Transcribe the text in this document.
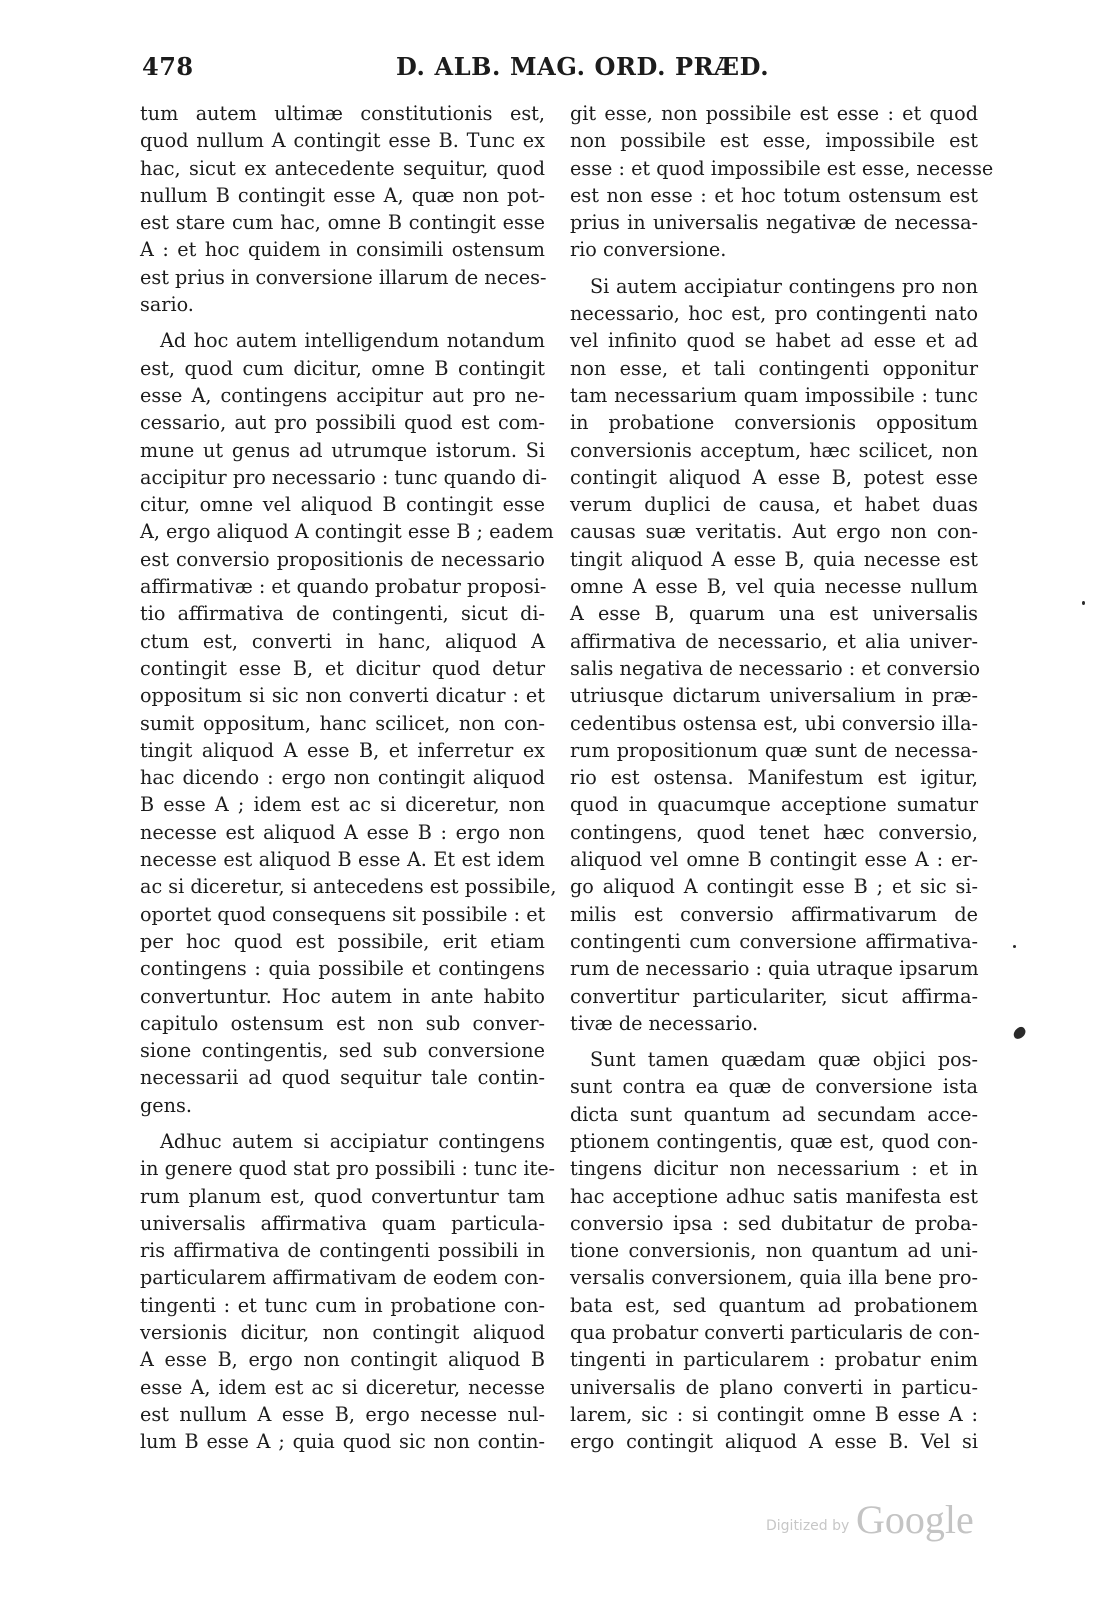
478	D. ALB. MAG. ORD. PRÆD.
tum autem ultimæ constitutionis est,
quod nullum A contingit esse B. Tunc ex
hac, sicut ex antecedente sequitur, quod
nullum B contingit esse A, quæ non pot-
est stare cum hac, omne B contingit esse
A : et hoc quidem in consimili ostensum
est prius in conversione illarum de neces-
sario.
Ad hoc autem intelligendum notandum
est, quod cum dicitur, omne B contingit
esse A, contingens accipitur aut pro ne-
cessario, aut pro possibili quod est com-
mune ut genus ad utrumque istorum. Si
accipitur pro necessario : tunc quando di-
citur, omne vel aliquod B contingit esse
A, ergo aliquod A contingit esse B ; eadem
est conversio propositionis de necessario
affirmativæ : et quando probatur proposi-
tio affirmativa de contingenti, sicut di-
ctum est, converti in hanc, aliquod A
contingit esse B, et dicitur quod detur
oppositum si sic non converti dicatur : et
sumit oppositum, hanc scilicet, non con-
tingit aliquod A esse B, et inferretur ex
hac dicendo : ergo non contingit aliquod
B esse A ; idem est ac si diceretur, non
necesse est aliquod A esse B : ergo non
necesse est aliquod B esse A. Et est idem
ac si diceretur, si antecedens est possibile,
oportet quod consequens sit possibile : et
per hoc quod est possibile, erit etiam
contingens : quia possibile et contingens
convertuntur. Hoc autem in ante habito
capitulo ostensum est non sub conver-
sione contingentis, sed sub conversione
necessarii ad quod sequitur tale contin-
gens.
Adhuc autem si accipiatur contingens
in genere quod stat pro possibili : tunc ite-
rum planum est, quod convertuntur tam
universalis affirmativa quam particula-
ris affirmativa de contingenti possibili in
particularem affirmativam de eodem con-
tingenti : et tunc cum in probatione con-
versionis dicitur, non contingit aliquod
A esse B, ergo non contingit aliquod B
esse A, idem est ac si diceretur, necesse
est nullum A esse B, ergo necesse nul-
lum B esse A ; quia quod sic non contin-
git esse, non possibile est esse : et quod
non possibile est esse, impossibile est
esse : et quod impossibile est esse, necesse
est non esse : et hoc totum ostensum est
prius in universalis negativæ de necessa-
rio conversione.
Si autem accipiatur contingens pro non
necessario, hoc est, pro contingenti nato
vel infinito quod se habet ad esse et ad
non esse, et tali contingenti opponitur
tam necessarium quam impossibile : tunc
in probatione conversionis oppositum
conversionis acceptum, hæc scilicet, non
contingit aliquod A esse B, potest esse
verum duplici de causa, et habet duas
causas suæ veritatis. Aut ergo non con-
tingit aliquod A esse B, quia necesse est
omne A esse B, vel quia necesse nullum
A esse B, quarum una est universalis
affirmativa de necessario, et alia univer-
salis negativa de necessario : et conversio
utriusque dictarum universalium in præ-
cedentibus ostensa est, ubi conversio illa-
rum propositionum quæ sunt de necessa-
rio est ostensa. Manifestum est igitur,
quod in quacumque acceptione sumatur
contingens, quod tenet hæc conversio,
aliquod vel omne B contingit esse A : er-
go aliquod A contingit esse B ; et sic si-
milis est conversio affirmativarum de
contingenti cum conversione affirmativa-
rum de necessario : quia utraque ipsarum
convertitur particulariter, sicut affirma-
tivæ de necessario.
Sunt tamen quædam quæ objici pos-
sunt contra ea quæ de conversione ista
dicta sunt quantum ad secundam acce-
ptionem contingentis, quæ est, quod con-
tingens dicitur non necessarium : et in
hac acceptione adhuc satis manifesta est
conversio ipsa : sed dubitatur de proba-
tione conversionis, non quantum ad uni-
versalis conversionem, quia illa bene pro-
bata est, sed quantum ad probationem
qua probatur converti particularis de con-
tingenti in particularem : probatur enim
universalis de plano converti in particu-
larem, sic : si contingit omne B esse A :
ergo contingit aliquod A esse B. Vel si
Digitized by Google
